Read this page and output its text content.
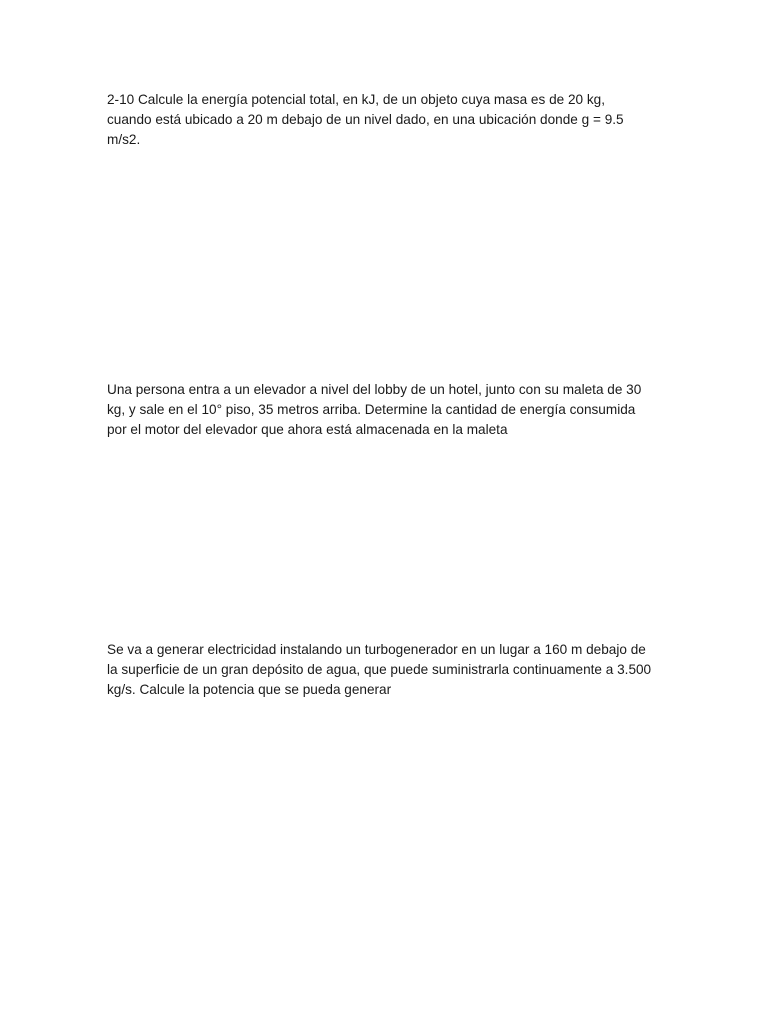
2-10 Calcule la energía potencial total, en kJ, de un objeto cuya masa es de 20 kg,
cuando está ubicado a 20 m debajo de un nivel dado, en una ubicación donde g = 9.5
m/s2.

Una persona entra a un elevador a nivel del lobby de un hotel, junto con su maleta de 30
kg, y sale en el 10° piso, 35 metros arriba. Determine la cantidad de energía consumida
por el motor del elevador que ahora está almacenada en la maleta

Se va a generar electricidad instalando un turbogenerador en un lugar a 160 m debajo de
la superficie de un gran depósito de agua, que puede suministrarla continuamente a 3.500
kg/s. Calcule la potencia que se pueda generar
